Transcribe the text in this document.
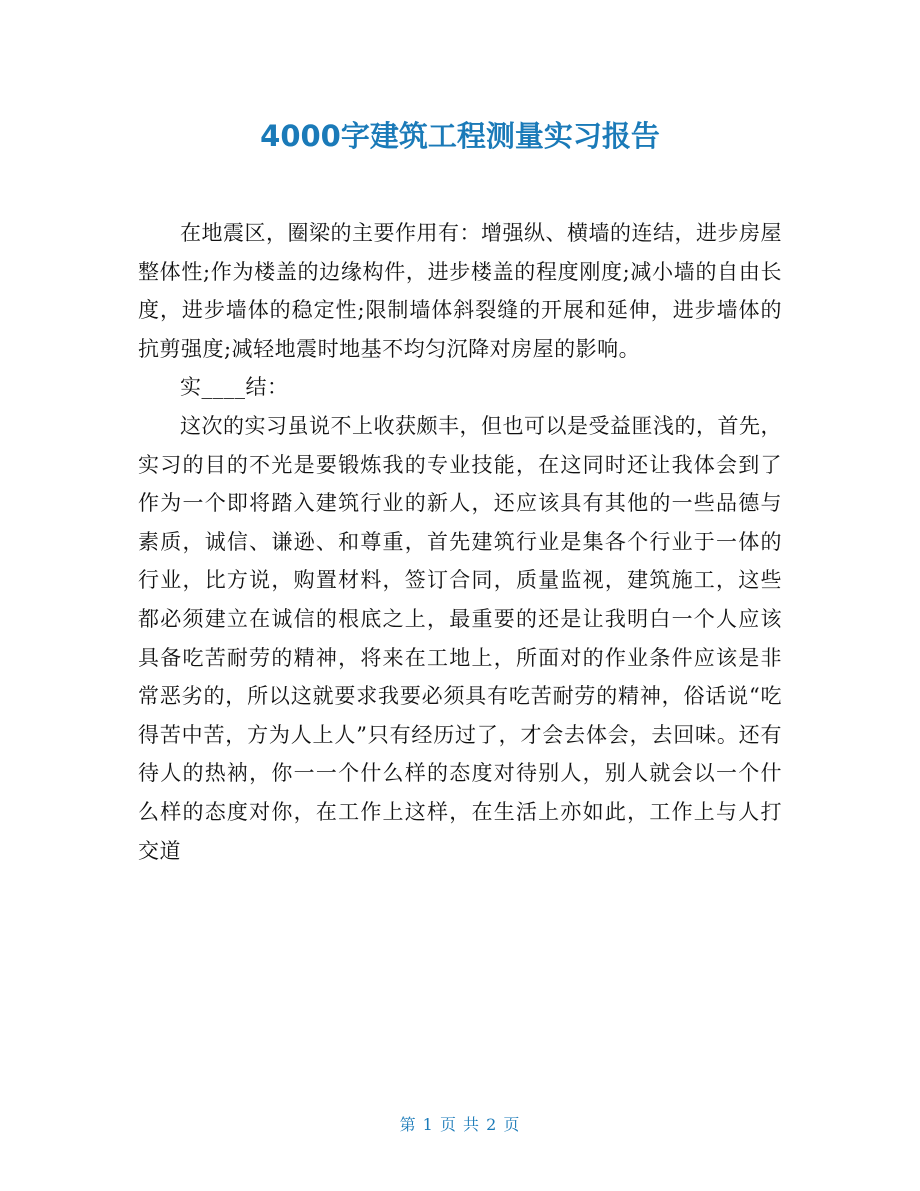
4000字建筑工程测量实习报告

在地震区，圈梁的主要作用有：增强纵、横墙的连结，进步房屋整体性;作为楼盖的边缘构件，进步楼盖的程度刚度;减小墙的自由长度，进步墙体的稳定性;限制墙体斜裂缝的开展和延伸，进步墙体的抗剪强度;减轻地震时地基不均匀沉降对房屋的影响。

实____结：

这次的实习虽说不上收获颇丰，但也可以是受益匪浅的，首先，实习的目的不光是要锻炼我的专业技能，在这同时还让我体会到了作为一个即将踏入建筑行业的新人，还应该具有其他的一些品德与素质，诚信、谦逊、和尊重，首先建筑行业是集各个行业于一体的行业，比方说，购置材料，签订合同，质量监视，建筑施工，这些都必须建立在诚信的根底之上，最重要的还是让我明白一个人应该具备吃苦耐劳的精神，将来在工地上，所面对的作业条件应该是非常恶劣的，所以这就要求我要必须具有吃苦耐劳的精神，俗话说“吃得苦中苦，方为人上人”只有经历过了，才会去体会，去回味。还有待人的热衲，你一一个什么样的态度对待别人，别人就会以一个什么样的态度对你，在工作上这样，在生活上亦如此，工作上与人打交道

第 1 页 共 2 页
